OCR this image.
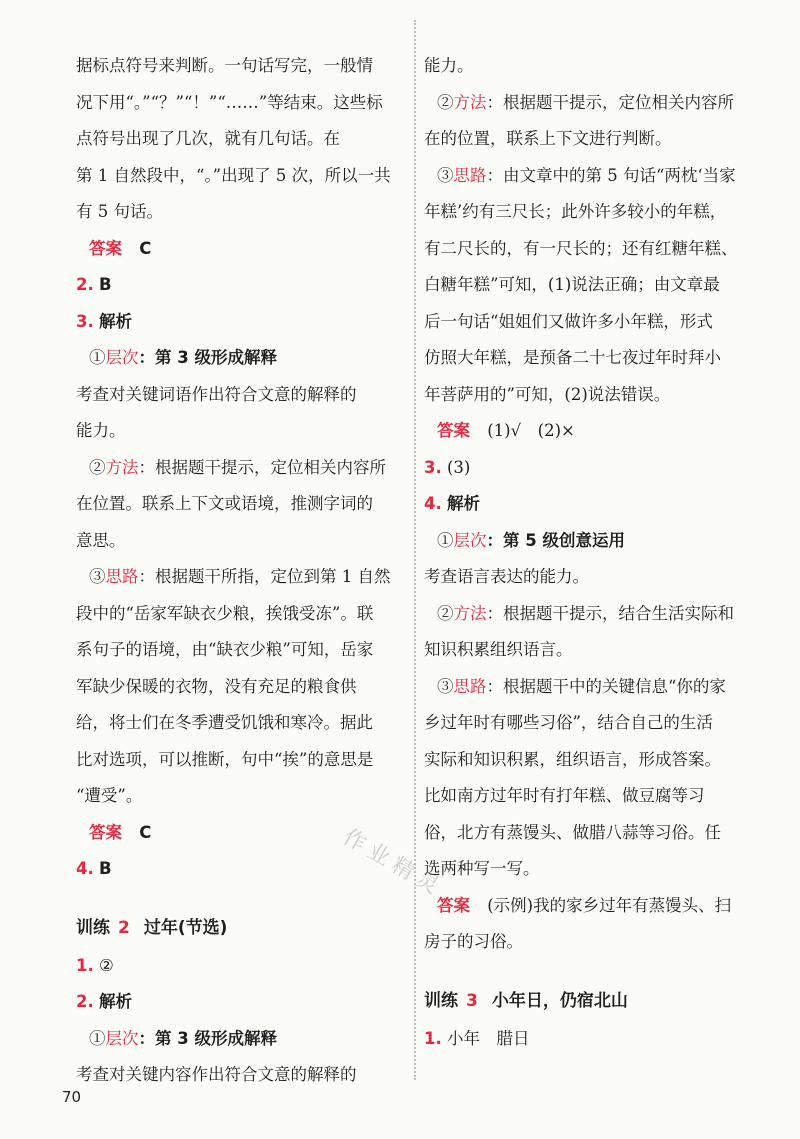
据标点符号来判断。一句话写完，一般情
况下用“。”“？”“！”“……”等结束。这些标
点符号出现了几次，就有几句话。在
第 1 自然段中，“。”出现了 5 次，所以一共
有 5 句话。
答案 C
2. B
3. 解析
①层次：第 3 级形成解释
考查对关键词语作出符合文意的解释的
能力。
②方法：根据题干提示，定位相关内容所
在位置。联系上下文或语境，推测字词的
意思。
③思路：根据题干所指，定位到第 1 自然
段中的“岳家军缺衣少粮，挨饿受冻”。联
系句子的语境，由“缺衣少粮”可知，岳家
军缺少保暖的衣物，没有充足的粮食供
给，将士们在冬季遭受饥饿和寒冷。据此
比对选项，可以推断，句中“挨”的意思是
“遭受”。
答案 C
4. B
训练 2 过年(节选)
1. ②
2. 解析
①层次：第 3 级形成解释
考查对关键内容作出符合文意的解释的
能力。
②方法：根据题干提示，定位相关内容所
在的位置，联系上下文进行判断。
③思路：由文章中的第 5 句话“两枕‘当家
年糕’约有三尺长；此外许多较小的年糕，
有二尺长的，有一尺长的；还有红糖年糕、
白糖年糕”可知，(1)说法正确；由文章最
后一句话“姐姐们又做许多小年糕，形式
仿照大年糕，是预备二十七夜过年时拜小
年菩萨用的”可知，(2)说法错误。
答案 (1)√　(2)×
3. (3)
4. 解析
①层次：第 5 级创意运用
考查语言表达的能力。
②方法：根据题干提示，结合生活实际和
知识积累组织语言。
③思路：根据题干中的关键信息“你的家
乡过年时有哪些习俗”，结合自己的生活
实际和知识积累，组织语言，形成答案。
比如南方过年时有打年糕、做豆腐等习
俗，北方有蒸馒头、做腊八蒜等习俗。任
选两种写一写。
答案 (示例)我的家乡过年有蒸馒头、扫
房子的习俗。
训练 3 小年日，仍宿北山
1. 小年　腊日
作业精灵
70
